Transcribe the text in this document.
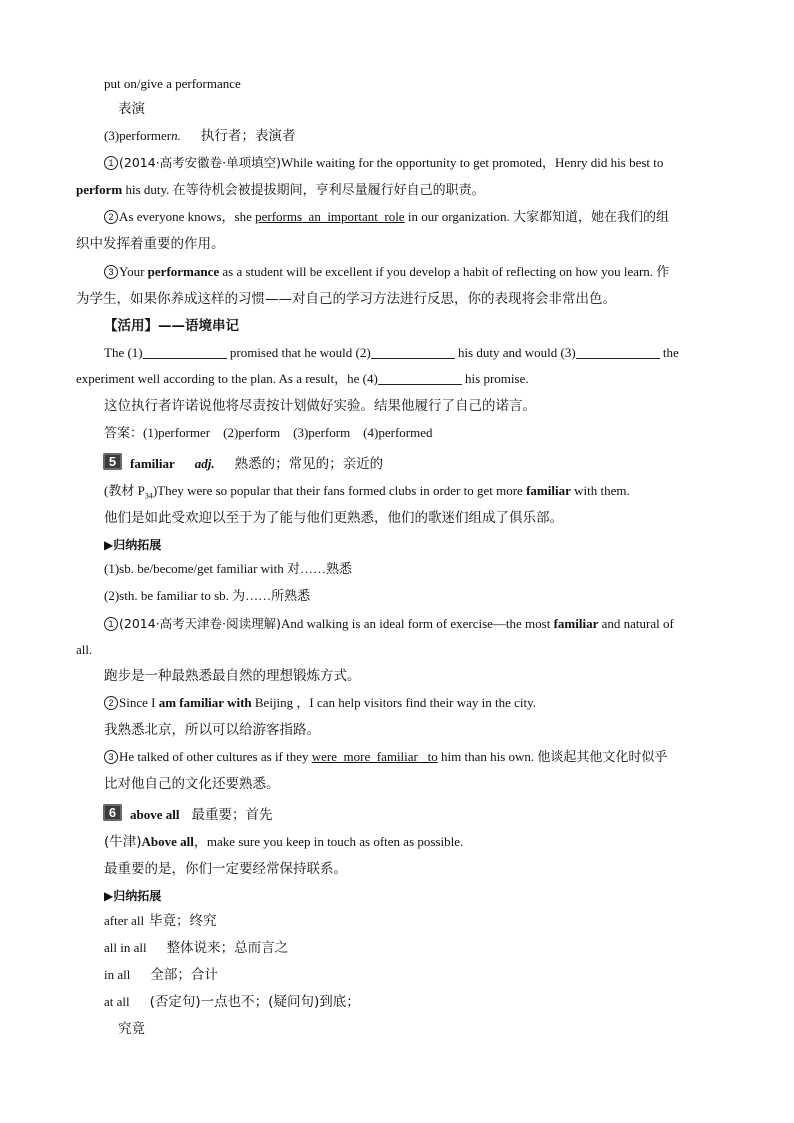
put on/give a performance
表演
(3)performern. 执行者；表演者
1 (2014·高考安徽卷·单项填空)While waiting for the opportunity to get promoted，Henry did his best to
perform his duty. 在等待机会被提拔期间，亨利尽量履行好自己的职责。
2 As everyone knows，she performs_an_important_role in our organization. 大家都知道，她在我们的组
织中发挥着重要的作用。
3 Your performance as a student will be excellent if you develop a habit of reflecting on how you learn. 作
为学生，如果你养成这样的习惯——对自己的学习方法进行反思，你的表现将会非常出色。
【活用】——语境串记
The (1)	promised that he would (2)	his duty and would (3)	the
experiment well according to the plan. As a result，he (4)	his promise.
这位执行者许诺说他将尽责按计划做好实验。结果他履行了自己的诺言。
答案：(1)performer　(2)perform　(3)perform　(4)performed
5	familiar adj. 熟悉的；常见的；亲近的
(教材 $P_{34})They$ were so popular that their fans formed clubs in order to get more familiar with them.
他们是如此受欢迎以至于为了能与他们更熟悉，他们的歌迷们组成了俱乐部。
▶归纳拓展
(1)sb. be/become/get familiar with 对……熟悉
(2)sth. be familiar to sb. 为……所熟悉
1 (2014·高考天津卷·阅读理解)And walking is an ideal form of exercise—the most familiar and natural of
all.
跑步是一种最熟悉最自然的理想锻炼方式。
2 Since I am familiar with Beijing ，I can help visitors find their way in the city.
我熟悉北京，所以可以给游客指路。
3 He talked of other cultures as if they were_more_familiar_ to him than his own. 他谈起其他文化时似乎
比对他自己的文化还要熟悉。
6	above all 最重要；首先
(牛津)Above all，make sure you keep in touch as often as possible.
最重要的是，你们一定要经常保持联系。
▶归纳拓展
after all 毕竟；终究
all in all 整体说来；总而言之
in all 全部；合计
at all (否定句)一点也不；(疑问句)到底；
究竟
